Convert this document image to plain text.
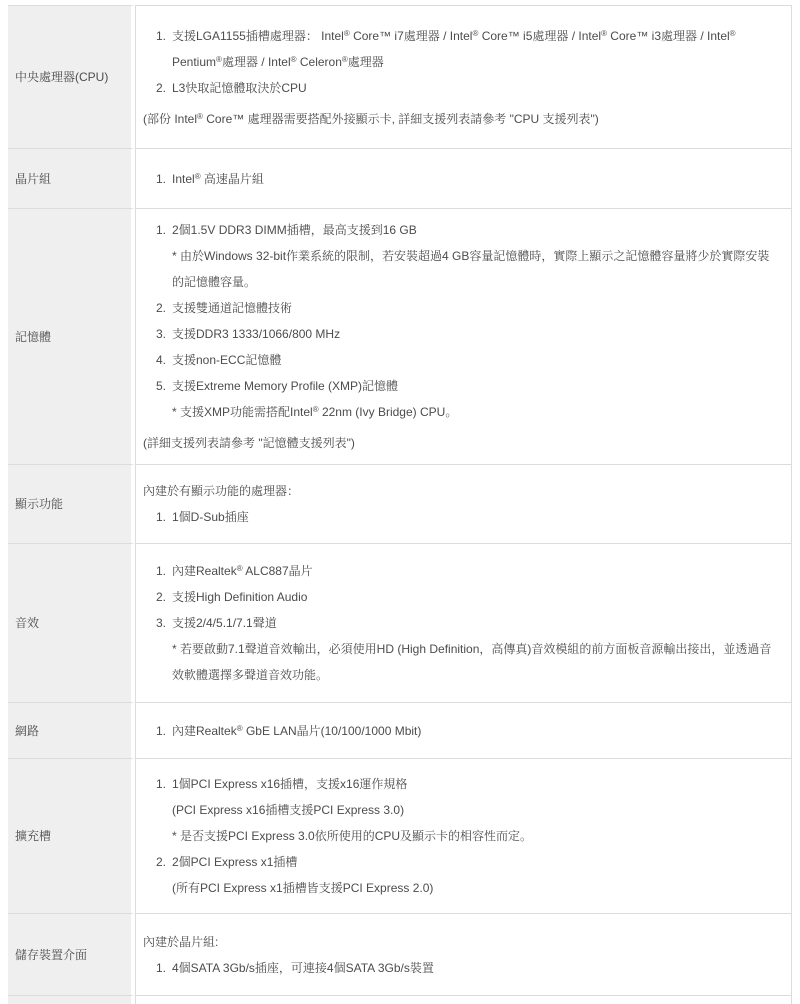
中央處理器(CPU)	1. 支援LGA1155插槽處理器： Intel® Core™ i7處理器 / Intel® Core™ i5處理器 / Intel® Core™ i3處理器 / Intel® Pentium®處理器 / Intel® Celeron®處理器
2. L3快取記憶體取決於CPU
(部份 Intel® Core™ 處理器需要搭配外接顯示卡, 詳細支援列表請參考 "CPU 支援列表")

晶片組	1. Intel® 高速晶片組

記憶體	
1. 2個1.5V DDR3 DIMM插槽，最高支援到16 GB
* 由於Windows 32-bit作業系統的限制，若安裝超過4 GB容量記憶體時，實際上顯示之記憶體容量將少於實際安裝的記憶體容量。
2. 支援雙通道記憶體技術
3. 支援DDR3 1333/1066/800 MHz
4. 支援non-ECC記憶體
5. 支援Extreme Memory Profile (XMP)記憶體
* 支援XMP功能需搭配Intel® 22nm (Ivy Bridge) CPU。
(詳細支援列表請參考 "記憶體支援列表")

顯示功能	內建於有顯示功能的處理器：
1. 1個D-Sub插座

音效	
1. 內建Realtek® ALC887晶片
2. 支援High Definition Audio
3. 支援2/4/5.1/7.1聲道
* 若要啟動7.1聲道音效輸出，必須使用HD (High Definition，高傳真)音效模組的前方面板音源輸出接出，並透過音效軟體選擇多聲道音效功能。

網路	1. 內建Realtek® GbE LAN晶片(10/100/1000 Mbit)

擴充槽	
1. 1個PCI Express x16插槽，支援x16運作規格
(PCI Express x16插槽支援PCI Express 3.0)
* 是否支援PCI Express 3.0依所使用的CPU及顯示卡的相容性而定。
2. 2個PCI Express x1插槽
(所有PCI Express x1插槽皆支援PCI Express 2.0)

儲存裝置介面	內建於晶片組:
1. 4個SATA 3Gb/s插座，可連接4個SATA 3Gb/s裝置
